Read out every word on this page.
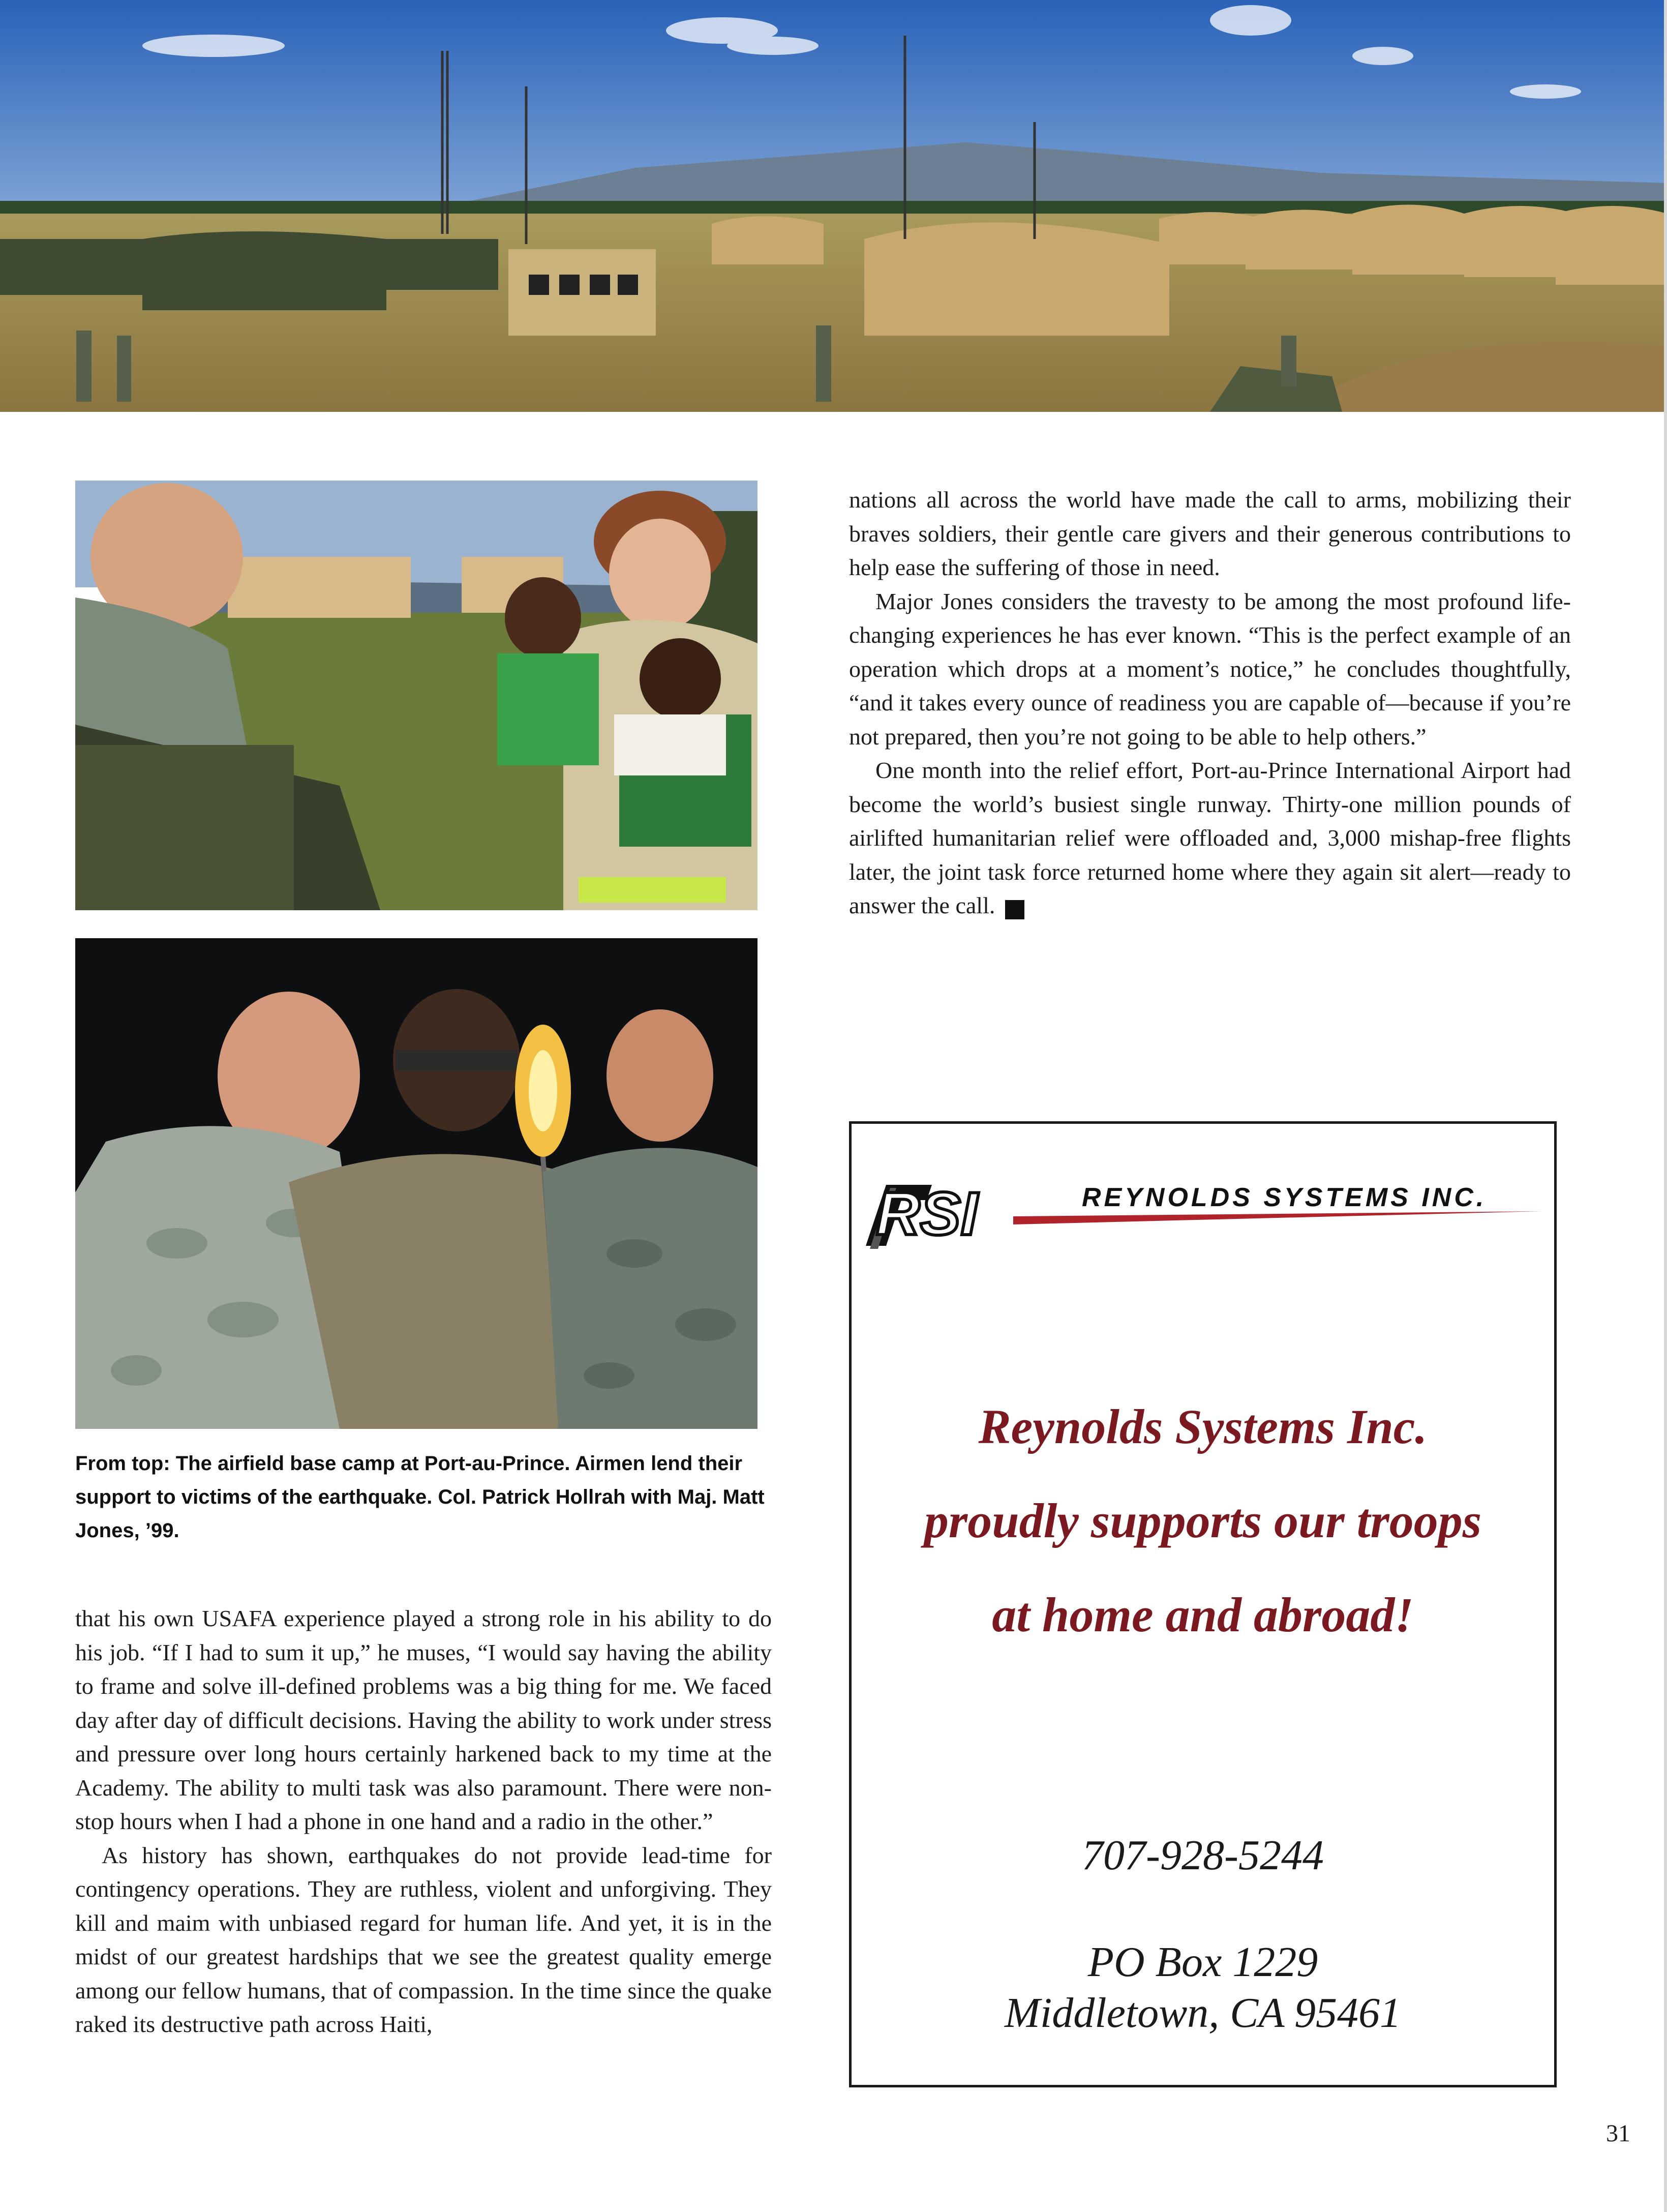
From top: The airfield base camp at Port-au-Prince. Airmen lend their support to victims of the earthquake. Col. Patrick Hollrah with Maj. Matt Jones, ’99.

that his own USAFA experience played a strong role in his ability to do his job. “If I had to sum it up,” he muses, “I would say having the ability to frame and solve ill-defined problems was a big thing for me. We faced day after day of difficult decisions. Having the ability to work under stress and pressure over long hours certainly harkened back to my time at the Academy. The ability to multi task was also paramount. There were non-stop hours when I had a phone in one hand and a radio in the other.”

As history has shown, earthquakes do not provide lead-time for contingency operations. They are ruthless, violent and unforgiving. They kill and maim with unbiased regard for human life. And yet, it is in the midst of our greatest hardships that we see the greatest quality emerge among our fellow humans, that of compassion. In the time since the quake raked its destructive path across Haiti,

nations all across the world have made the call to arms, mobilizing their braves soldiers, their gentle care givers and their generous contributions to help ease the suffering of those in need.

Major Jones considers the travesty to be among the most profound life-changing experiences he has ever known. “This is the perfect example of an operation which drops at a moment’s notice,” he concludes thoughtfully, “and it takes every ounce of readiness you are capable of—because if you’re not prepared, then you’re not going to be able to help others.”

One month into the relief effort, Port-au-Prince International Airport had become the world’s busiest single runway. Thirty-one million pounds of airlifted humanitarian relief were offloaded and, 3,000 mishap-free flights later, the joint task force returned home where they again sit alert—ready to answer the call. ✓

RSI	REYNOLDS SYSTEMS INC.
Reynolds Systems Inc.
proudly supports our troops
at home and abroad!
707-928-5244
PO Box 1229
Middletown, CA 95461
31
